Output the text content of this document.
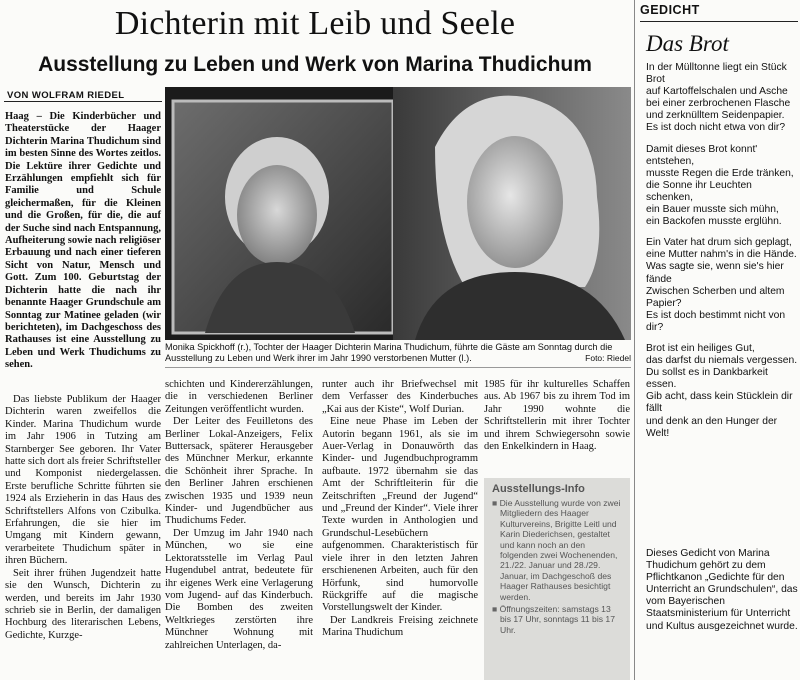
Dichterin mit Leib und Seele
Ausstellung zu Leben und Werk von Marina Thudichum
VON WOLFRAM RIEDEL
Haag – Die Kinderbücher und Theaterstücke der Haager Dichterin Marina Thudichum sind im besten Sinne des Wortes zeitlos. Die Lektüre ihrer Gedichte und Erzählungen empfiehlt sich für Familie und Schule gleichermaßen, für die Kleinen und die Großen, für die, die auf der Suche sind nach Entspannung, Aufheiterung sowie nach religiöser Erbauung und nach einer tieferen Sicht von Natur, Mensch und Gott. Zum 100. Geburtstag der Dichterin hatte die nach ihr benannte Haager Grundschule am Sonntag zur Matinee geladen (wir berichteten), im Dachgeschoss des Rathauses ist eine Ausstellung zu Leben und Werk Thudichums zu sehen.
Monika Spickhoff (r.), Tochter der Haager Dichterin Marina Thudichum, führte die Gäste am Sonntag durch die Ausstellung zu Leben und Werk ihrer im Jahr 1990 verstorbenen Mutter (l.).	Foto: Riedel

Das liebste Publikum der Haager Dichterin waren zweifellos die Kinder. Marina Thudichum wurde im Jahr 1906 in Tutzing am Starnberger See geboren. Ihr Vater hatte sich dort als freier Schriftsteller und Komponist niedergelassen. Erste berufliche Schritte führten sie 1924 als Erzieherin in das Haus des Schriftstellers Alfons von Czibulka. Erfahrungen, die sie hier im Umgang mit Kindern gewann, verarbeitete Thudichum später in ihren Büchern.

Seit ihrer frühen Jugendzeit hatte sie den Wunsch, Dichterin zu werden, und bereits im Jahr 1930 schrieb sie in Berlin, der damaligen Hochburg des literarischen Lebens, Gedichte, Kurzge-

schichten und Kindererzählungen, die in verschiedenen Berliner Zeitungen veröffentlicht wurden.

Der Leiter des Feuilletons des Berliner Lokal-Anzeigers, Felix Buttersack, späterer Herausgeber des Münchner Merkur, erkannte die Schönheit ihrer Sprache. In den Berliner Jahren erschienen zwischen 1935 und 1939 neun Kinder- und Jugendbücher aus Thudichums Feder.

Der Umzug im Jahr 1940 nach München, wo sie eine Lektoratsstelle im Verlag Paul Hugendubel antrat, bedeutete für ihr eigenes Werk eine Verlagerung vom Jugend- auf das Kinderbuch. Die Bomben des zweiten Weltkrieges zerstörten ihre Münchner Wohnung mit zahlreichen Unterlagen, da-

runter auch ihr Briefwechsel mit dem Verfasser des Kinderbuches „Kai aus der Kiste“, Wolf Durian.

Eine neue Phase im Leben der Autorin begann 1961, als sie im Auer-Verlag in Donauwörth das Kinder- und Jugendbuchprogramm aufbaute. 1972 übernahm sie das Amt der Schriftleiterin für die Zeitschriften „Freund der Jugend“ und „Freund der Kinder“. Viele ihrer Texte wurden in Anthologien und Grundschul-Lesebüchern aufgenommen. Charakteristisch für viele ihrer in den letzten Jahren erschienenen Arbeiten, auch für den Hörfunk, sind humorvolle Rückgriffe auf die magische Vorstellungswelt der Kinder.

Der Landkreis Freising zeichnete Marina Thudichum

1985 für ihr kulturelles Schaffen aus. Ab 1967 bis zu ihrem Tod im Jahr 1990 wohnte die Schriftstellerin mit ihrer Tochter und ihrem Schwiegersohn sowie den Enkelkindern in Haag.

Ausstellungs-Info
■ Die Ausstellung wurde von zwei Mitgliedern des Haager Kulturvereins, Brigitte Leitl und Karin Diederichsen, gestaltet und kann noch an den folgenden zwei Wochenenden, 21./22. Januar und 28./29. Januar, im Dachgeschoß des Haager Rathauses besichtigt werden.
■ Öffnungszeiten: samstags 13 bis 17 Uhr, sonntags 11 bis 17 Uhr.
GEDICHT
Das Brot
In der Mülltonne liegt ein Stück Brot
auf Kartoffelschalen und Asche
bei einer zerbrochenen Flasche
und zerknülltem Seidenpapier.
Es ist doch nicht etwa von dir?
Damit dieses Brot konnt' entstehen,
musste Regen die Erde tränken,
die Sonne ihr Leuchten schenken,
ein Bauer musste sich mühn,
ein Backofen musste erglühn.
Ein Vater hat drum sich geplagt,
eine Mutter nahm's in die Hände.
Was sagte sie, wenn sie's hier fände
Zwischen Scherben und altem Papier?
Es ist doch bestimmt nicht von dir?
Brot ist ein heiliges Gut,
das darfst du niemals vergessen.
Du sollst es in Dankbarkeit essen.
Gib acht, dass kein Stücklein dir fällt
und denk an den Hunger der Welt!
Dieses Gedicht von Marina Thudichum gehört zu dem Pflichtkanon „Gedichte für den Unterricht an Grundschulen“, das vom Bayerischen Staatsministerium für Unterricht und Kultus ausgezeichnet wurde.
